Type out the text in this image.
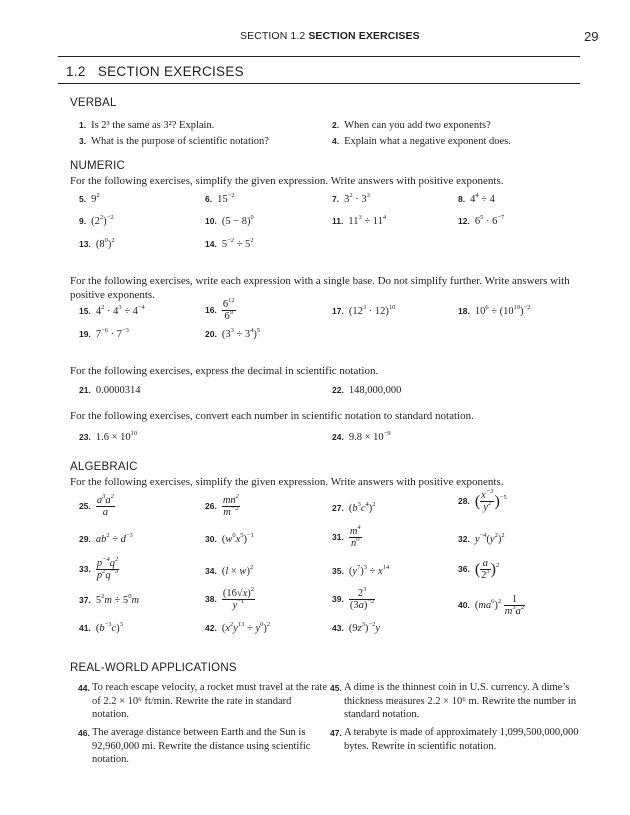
SECTION 1.2 SECTION EXERCISES	29
1.2 SECTION EXERCISES
VERBAL
1. Is 2³ the same as 3²? Explain.	2. When can you add two exponents?
3. What is the purpose of scientific notation?	4. Explain what a negative exponent does.
NUMERIC
For the following exercises, simplify the given expression. Write answers with positive exponents.
5. $9^2$	6. $15^{-2}$	7. $3^2 \cdot 3^3$	8. $4^4 \div 4$
9. $(2^2)^{-2}$	10. $(5 - 8)^0$	11. $11^3 \div 11^4$	12. $6^5 \cdot 6^{-7}$
13. $(8^0)^2$	14. $5^{-2} \div 5^2$
For the following exercises, write each expression with a single base. Do not simplify further. Write answers with positive exponents.
15. $4^2 \cdot 4^3 \div 4^{-4}$	16. $\frac{6^{12}}{6^9}$	17. $(12^3 \cdot 12)^{10}$	18. $10^6 \div (10^{10})^{-2}$
19. $7^{-6} \cdot 7^{-3}$	20. $(3^3 \div 3^4)^5$
For the following exercises, express the decimal in scientific notation.
21. 0.0000314	22. 148,000,000
For the following exercises, convert each number in scientific notation to standard notation.
23. $1.6 \times 10^{10}$	24. $9.8 \times 10^{-9}$
ALGEBRAIC
For the following exercises, simplify the given expression. Write answers with positive exponents.
25. $\frac{a^3a^2}{a}$	26. $\frac{mn^2}{m^{-2}}$	27. $(b^3c^4)^2$	28. ( $\frac{x^{-3}}{y^2} )^{-5}$
29. $ab^2 \div d^{-3}$	30. $(w^0x^5)^{-1}$	31. $\frac{m^4}{n^0}$	32. $y^{-4}(y^2)^2$
33. $\frac{p^{-4}q^2}{p^2q^{-3}}$	34. $(l \times w)^2$	35. $(y^7)^3 \div x^{14}$	36. ( $\frac{a}{2^3} )^2$
37. $5^2m \div 5^0m$	38. $\frac{(16√x)^2}{y^{-1}}$	39. $\frac{2^3}{(3a)^{-2}}$	40. $(ma^6)^2 \frac{1}{m^3a^2}$
41. $(b^{-3}c)^3$	42. $(x^2y^{13} \div y^0)^2$	43. $(9z^3)^{-2}y$
REAL-WORLD APPLICATIONS
44. To reach escape velocity, a rocket must travel at the rate of 2.2 × 10⁶ ft/min. Rewrite the rate in standard notation.
45. A dime is the thinnest coin in U.S. currency. A dime’s thickness measures 2.2 × 10⁶ m. Rewrite the number in standard notation.
46. The average distance between Earth and the Sun is 92,960,000 mi. Rewrite the distance using scientific notation.
47. A terabyte is made of approximately 1,099,500,000,000 bytes. Rewrite in scientific notation.
